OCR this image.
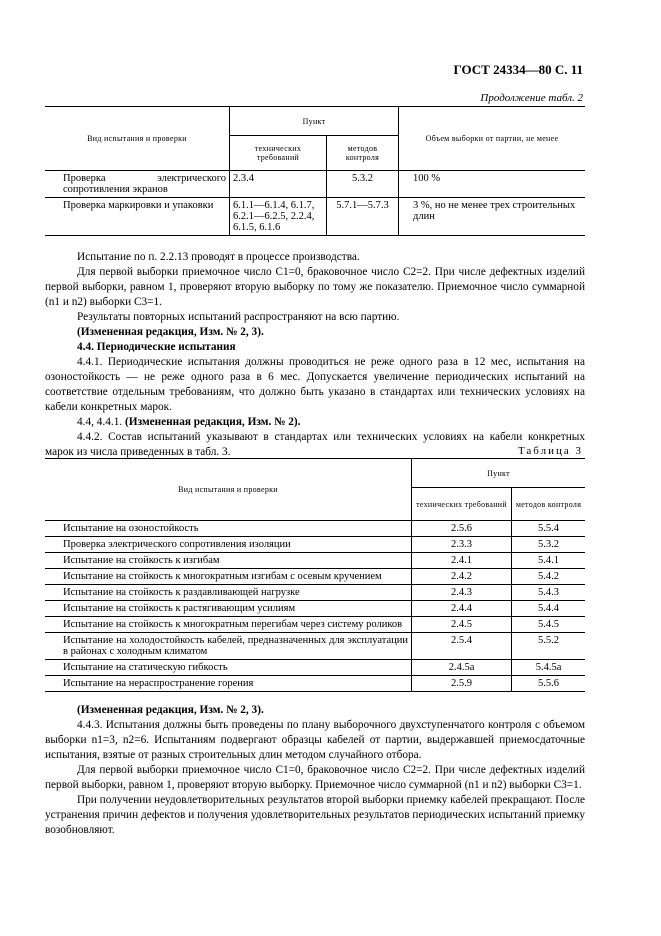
ГОСТ 24334—80 С. 11
Продолжение табл. 2
Вид испытания и проверки	Пункт		Объем выборки от партии, не менее
	технических требований	методов контроля	
Проверка электрического сопротивления экранов	2.3.4	5.3.2	100 %
Проверка маркировки и упаковки	6.1.1—6.1.4, 6.1.7, 6.2.1—6.2.5, 2.2.4, 6.1.5, 6.1.6	5.7.1—5.7.3	3 %, но не менее трех строительных длин
Испытание по п. 2.2.13 проводят в процессе производства.
Для первой выборки приемочное число C1=0, браковочное число C2=2. При числе дефектных изделий первой выборки, равном 1, проверяют вторую выборку по тому же показателю. Приемочное число суммарной (n1 и n2) выборки C3=1.
Результаты повторных испытаний распространяют на всю партию.
(Измененная редакция, Изм. № 2, 3).
4.4. Периодические испытания
4.4.1. Периодические испытания должны проводиться не реже одного раза в 12 мес, испытания на озоностойкость — не реже одного раза в 6 мес. Допускается увеличение периодических испытаний на соответствие отдельным требованиям, что должно быть указано в стандартах или технических условиях на кабели конкретных марок.
4.4, 4.4.1. (Измененная редакция, Изм. № 2).
4.4.2. Состав испытаний указывают в стандартах или технических условиях на кабели конкретных марок из числа приведенных в табл. 3.	Таблица 3
Вид испытания и проверки	Пункт	
	технических требований	методов контроля
Испытание на озоностойкость	2.5.6	5.5.4
Проверка электрического сопротивления изоляции	2.3.3	5.3.2
Испытание на стойкость к изгибам	2.4.1	5.4.1
Испытание на стойкость к многократным изгибам с осевым кручением	2.4.2	5.4.2
Испытание на стойкость к раздавливающей нагрузке	2.4.3	5.4.3
Испытание на стойкость к растягивающим усилиям	2.4.4	5.4.4
Испытание на стойкость к многократным перегибам через систему роликов	2.4.5	5.4.5
Испытание на холодостойкость кабелей, предназначенных для эксплуатации в районах с холодным климатом	2.5.4	5.5.2
Испытание на статическую гибкость	2.4.5а	5.4.5а
Испытание на нераспространение горения	2.5.9	5.5.6
(Измененная редакция, Изм. № 2, 3).
4.4.3. Испытания должны быть проведены по плану выборочного двухступенчатого контроля с объемом выборки n1=3, n2=6. Испытаниям подвергают образцы кабелей от партии, выдержавшей приемосдаточные испытания, взятые от разных строительных длин методом случайного отбора.
Для первой выборки приемочное число C1=0, браковочное число C2=2. При числе дефектных изделий первой выборки, равном 1, проверяют вторую выборку. Приемочное число суммарной (n1 и n2) выборки C3=1.
При получении неудовлетворительных результатов второй выборки приемку кабелей прекращают. После устранения причин дефектов и получения удовлетворительных результатов периодических испытаний приемку возобновляют.
